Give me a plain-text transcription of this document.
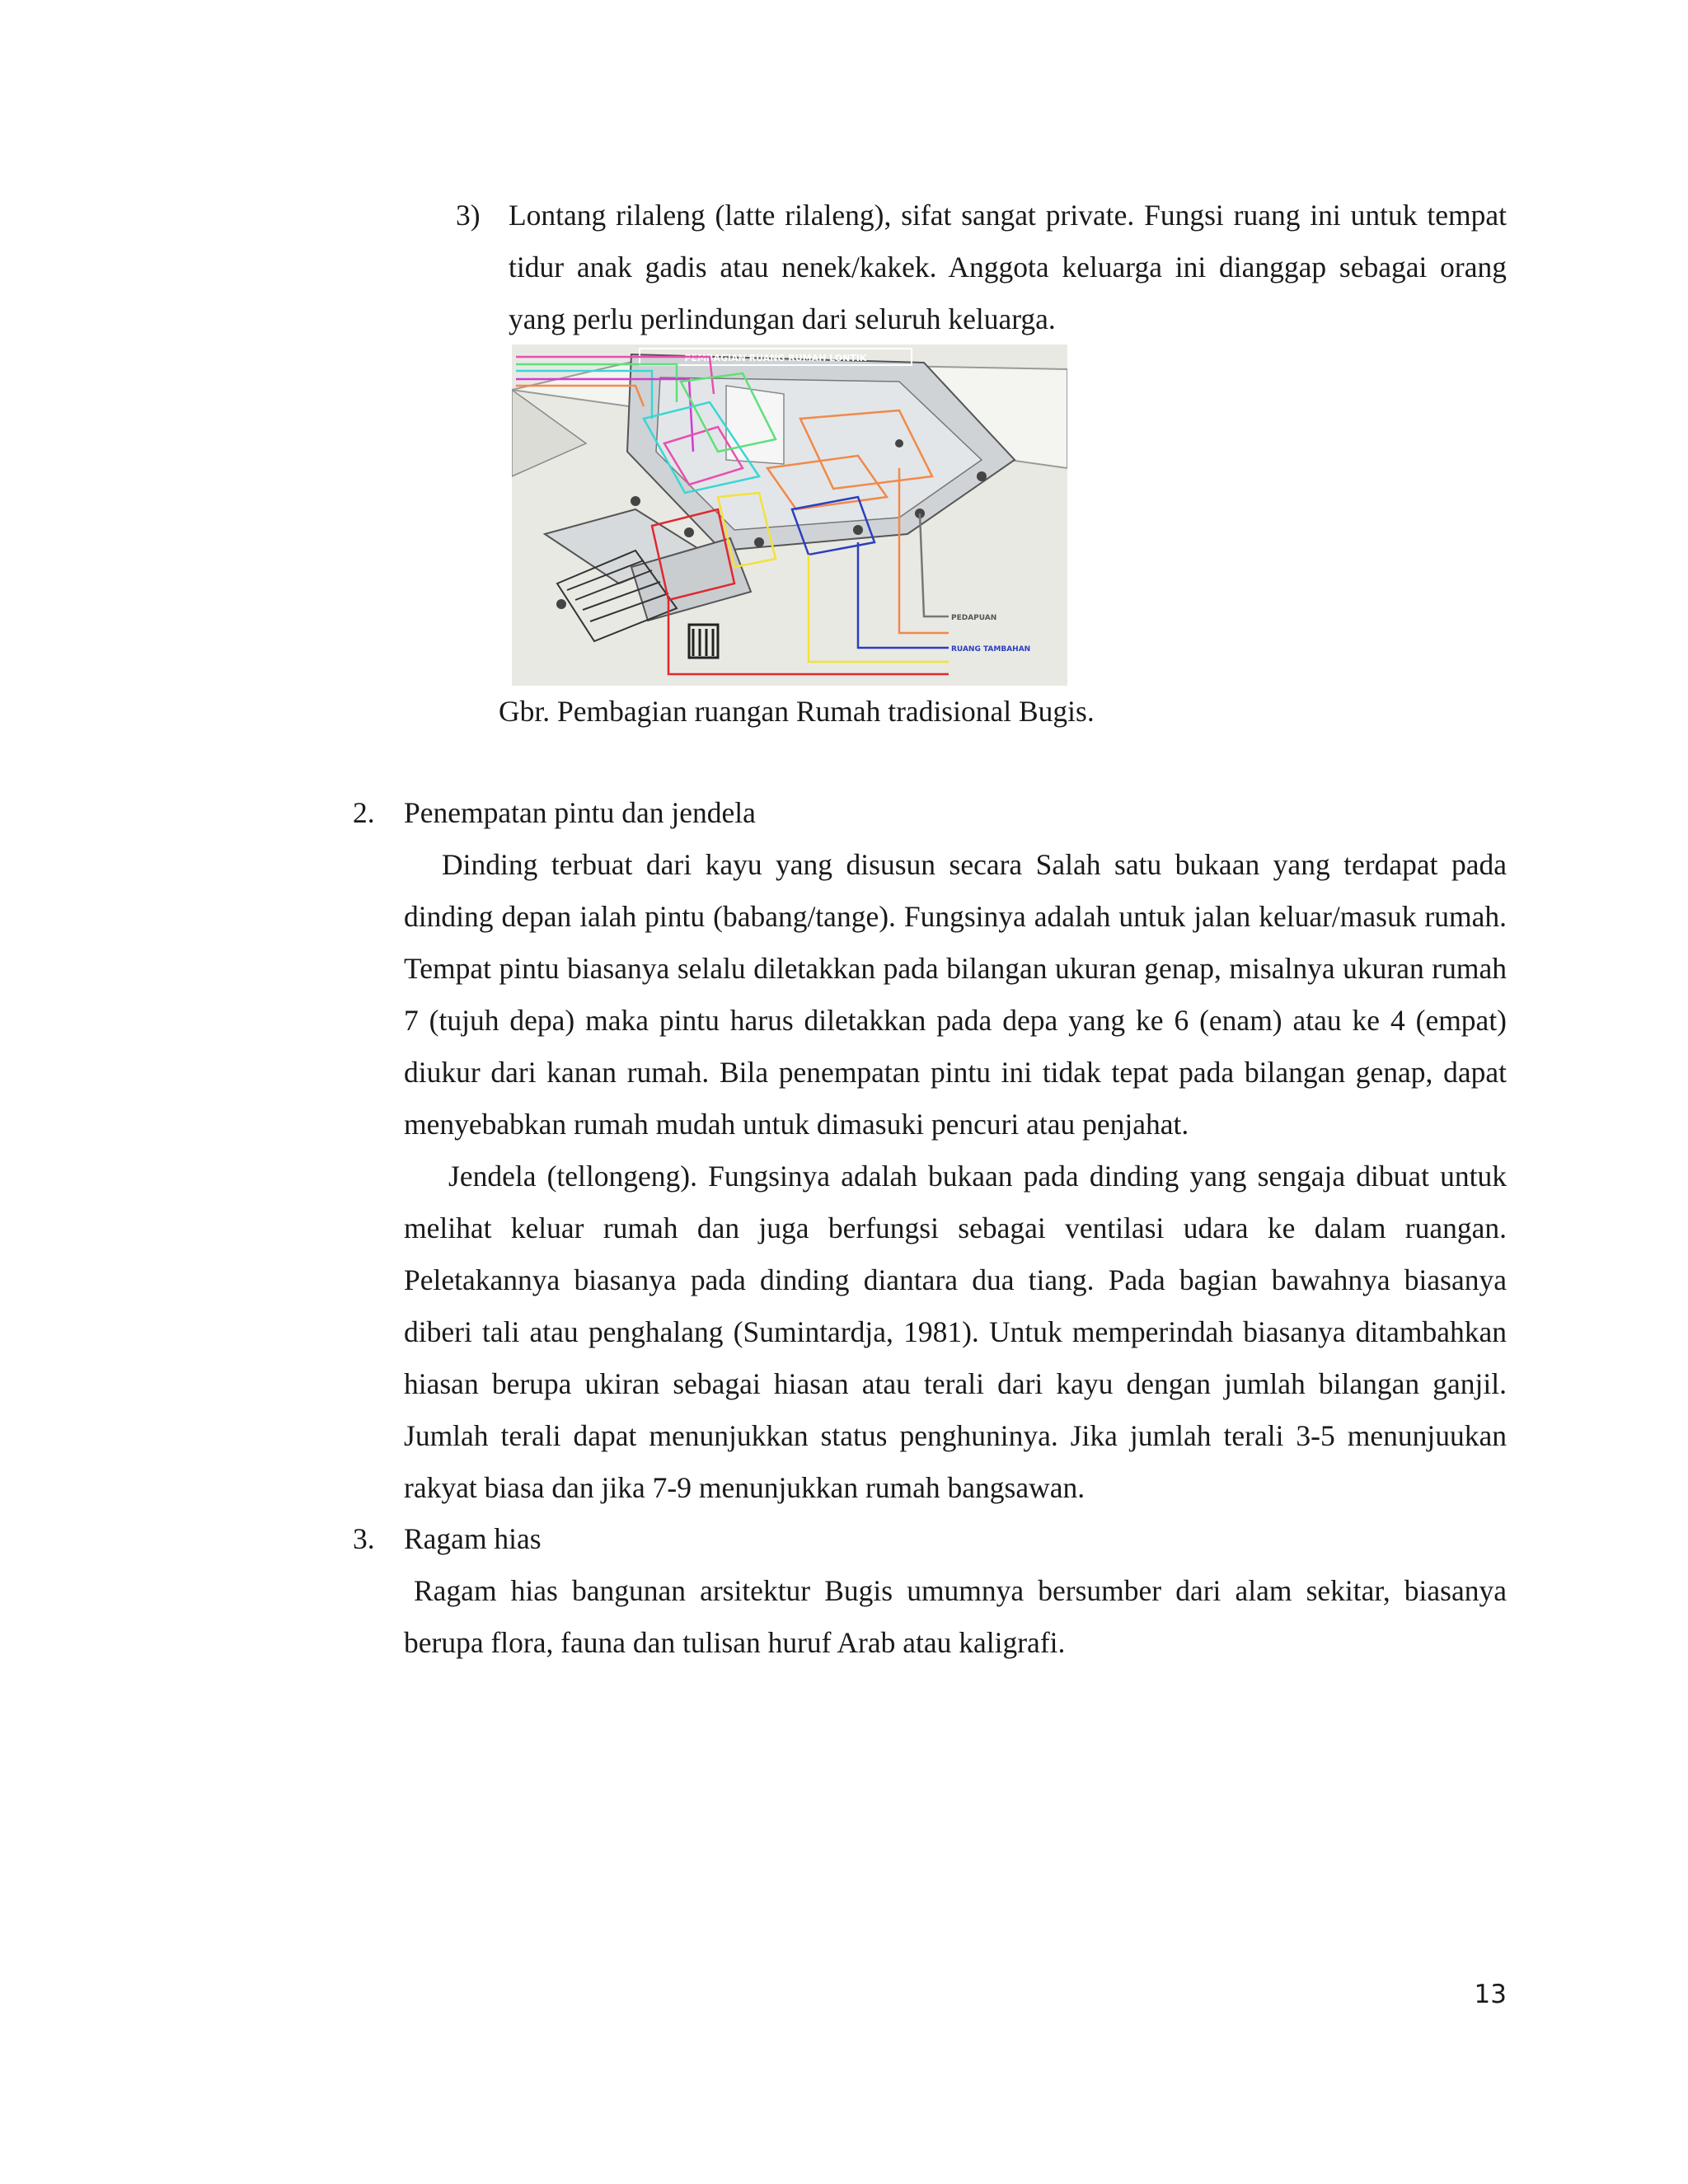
3) Lontang rilaleng (latte rilaleng), sifat sangat private. Fungsi ruang ini untuk tempat tidur anak gadis atau nenek/kakek. Anggota keluarga ini dianggap sebagai orang yang perlu perlindungan dari seluruh keluarga.
PEMBAGIAN RUANG RUMAH LONTIK
PEDAPUAN
RUANG TAMBAHAN
Gbr. Pembagian ruangan Rumah tradisional Bugis.
2. Penempatan pintu dan jendela
Dinding terbuat dari kayu yang disusun secara Salah satu bukaan yang terdapat pada dinding depan ialah pintu (babang/tange). Fungsinya adalah untuk jalan keluar/masuk rumah. Tempat pintu biasanya selalu diletakkan pada bilangan ukuran genap, misalnya ukuran rumah 7 (tujuh depa) maka pintu harus diletakkan pada depa yang ke 6 (enam) atau ke 4 (empat) diukur dari kanan rumah. Bila penempatan pintu ini tidak tepat pada bilangan genap, dapat menyebabkan rumah mudah untuk dimasuki pencuri atau penjahat.
Jendela (tellongeng). Fungsinya adalah bukaan pada dinding yang sengaja dibuat untuk melihat keluar rumah dan juga berfungsi sebagai ventilasi udara ke dalam ruangan. Peletakannya biasanya pada dinding diantara dua tiang. Pada bagian bawahnya biasanya diberi tali atau penghalang (Sumintardja, 1981). Untuk memperindah biasanya ditambahkan hiasan berupa ukiran sebagai hiasan atau terali dari kayu dengan jumlah bilangan ganjil. Jumlah terali dapat menunjukkan status penghuninya. Jika jumlah terali 3-5 menunjuukan rakyat biasa dan jika 7-9 menunjukkan rumah bangsawan.
3. Ragam hias
Ragam hias bangunan arsitektur Bugis umumnya bersumber dari alam sekitar, biasanya berupa flora, fauna dan tulisan huruf Arab atau kaligrafi.
13
